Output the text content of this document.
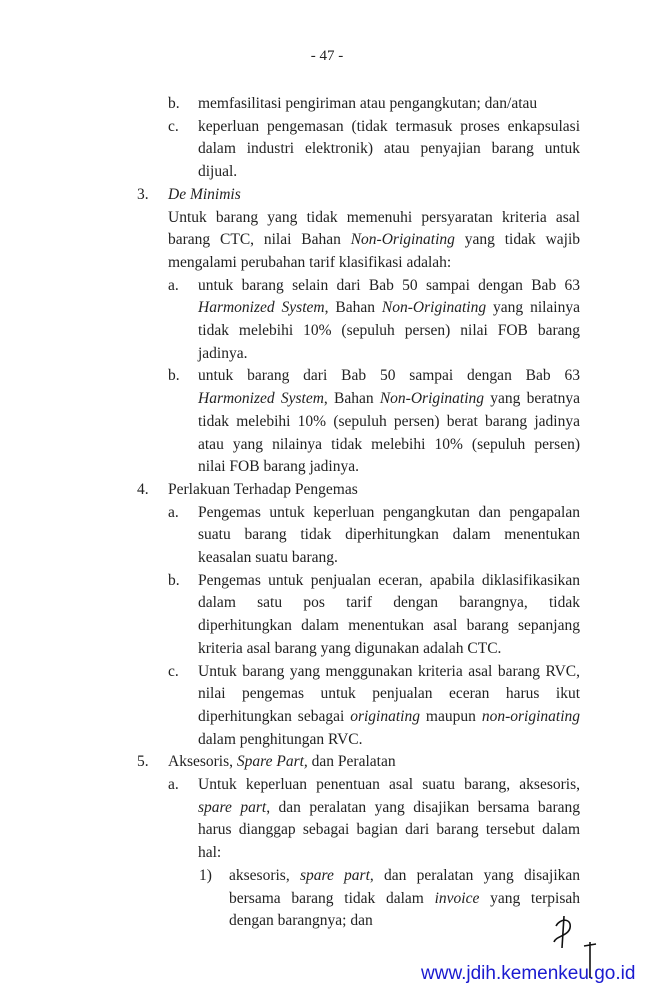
- 47 -
b. memfasilitasi pengiriman atau pengangkutan; dan/atau
c. keperluan pengemasan (tidak termasuk proses enkapsulasi
dalam industri elektronik) atau penyajian barang untuk
dijual.
3. De Minimis
Untuk barang yang tidak memenuhi persyaratan kriteria asal
barang CTC, nilai Bahan Non-Originating yang tidak wajib
mengalami perubahan tarif klasifikasi adalah:
a. untuk barang selain dari Bab 50 sampai dengan Bab 63
Harmonized System, Bahan Non-Originating yang nilainya
tidak melebihi 10% (sepuluh persen) nilai FOB barang
jadinya.
b. untuk barang dari Bab 50 sampai dengan Bab 63
Harmonized System, Bahan Non-Originating yang beratnya
tidak melebihi 10% (sepuluh persen) berat barang jadinya
atau yang nilainya tidak melebihi 10% (sepuluh persen)
nilai FOB barang jadinya.
4. Perlakuan Terhadap Pengemas
a. Pengemas untuk keperluan pengangkutan dan pengapalan
suatu barang tidak diperhitungkan dalam menentukan
keasalan suatu barang.
b. Pengemas untuk penjualan eceran, apabila diklasifikasikan
dalam satu pos tarif dengan barangnya, tidak
diperhitungkan dalam menentukan asal barang sepanjang
kriteria asal barang yang digunakan adalah CTC.
c. Untuk barang yang menggunakan kriteria asal barang RVC,
nilai pengemas untuk penjualan eceran harus ikut
diperhitungkan sebagai originating maupun non-originating
dalam penghitungan RVC.
5. Aksesoris, Spare Part, dan Peralatan
a. Untuk keperluan penentuan asal suatu barang, aksesoris,
spare part, dan peralatan yang disajikan bersama barang
harus dianggap sebagai bagian dari barang tersebut dalam
hal:
1) aksesoris, spare part, dan peralatan yang disajikan
bersama barang tidak dalam invoice yang terpisah
dengan barangnya; dan
www.jdih.kemenkeu.go.id
